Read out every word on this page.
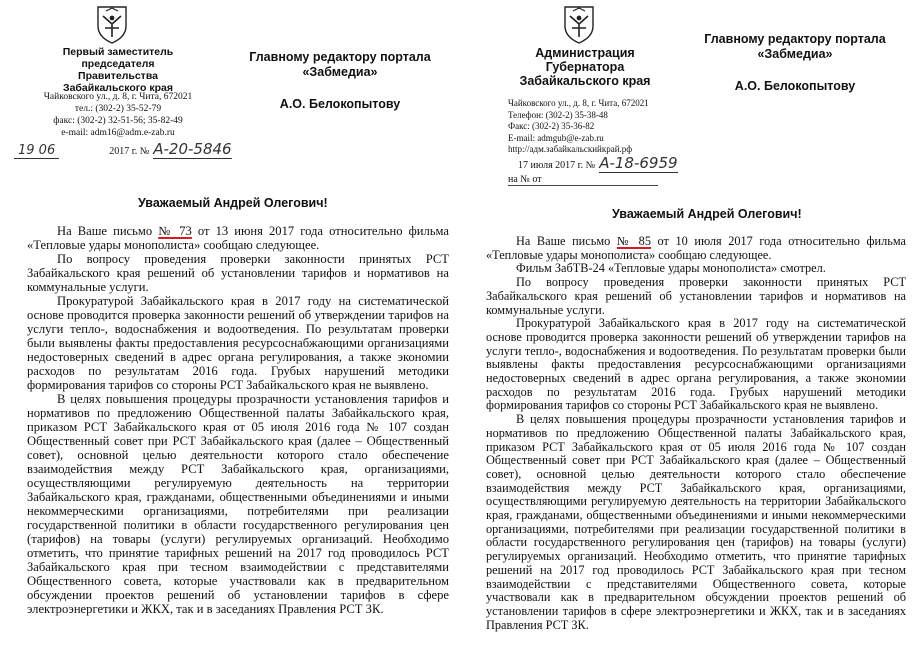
Первый заместитель
председателя Правительства
Забайкальского края
Чайковского ул., д. 8, г. Чита, 672021
тел.: (302-2) 35-52-79
факс: (302-2) 32-51-56; 35-82-49
e-mail: adm16@adm.e-zab.ru
19 06	2017 г. № А-20-5846
Главному редактору портала
«Забмедиа»
А.О. Белокопытову
Уважаемый Андрей Олегович!

На Ваше письмо № 73 от 13 июня 2017 года относительно фильма «Тепловые удары монополиста» сообщаю следующее.

По вопросу проведения проверки законности принятых РСТ Забайкальского края решений об установлении тарифов и нормативов на коммунальные услуги.

Прокуратурой Забайкальского края в 2017 году на систематической основе проводится проверка законности решений об утверждении тарифов на услуги тепло-, водоснабжения и водоотведения. По результатам проверки были выявлены факты предоставления ресурсоснабжающими организациями недостоверных сведений в адрес органа регулирования, а также экономии расходов по результатам 2016 года. Грубых нарушений методики формирования тарифов со стороны РСТ Забайкальского края не выявлено.

В целях повышения процедуры прозрачности установления тарифов и нормативов по предложению Общественной палаты Забайкальского края, приказом РСТ Забайкальского края от 05 июля 2016 года № 107 создан Общественный совет при РСТ Забайкальского края (далее – Общественный совет), основной целью деятельности которого стало обеспечение взаимодействия между РСТ Забайкальского края, организациями, осуществляющими регулируемую деятельность на территории Забайкальского края, гражданами, общественными объединениями и иными некоммерческими организациями, потребителями при реализации государственной политики в области государственного регулирования цен (тарифов) на товары (услуги) регулируемых организаций. Необходимо отметить, что принятие тарифных решений на 2017 год проводилось РСТ Забайкальского края при тесном взаимодействии с представителями Общественного совета, которые участвовали как в предварительном обсуждении проектов решений об установлении тарифов в сфере электроэнергетики и ЖКХ, так и в заседаниях Правления РСТ ЗК.

Администрация
Губернатора
Забайкальского края
Чайковского ул., д. 8, г. Чита, 672021
Телефон: (302-2) 35-38-48
Факс: (302-2) 35-36-82
E-mail: admgub@e-zab.ru
http://адм.забайкальскийкрай.рф
17 июля 2017 г. № А-18-6959
на № от
Главному редактору портала
«Забмедиа»
А.О. Белокопытову
Уважаемый Андрей Олегович!

На Ваше письмо № 85 от 10 июля 2017 года относительно фильма «Тепловые удары монополиста» сообщаю следующее.

Фильм ЗабТВ-24 «Тепловые удары монополиста» смотрел.

По вопросу проведения проверки законности принятых РСТ Забайкальского края решений об установлении тарифов и нормативов на коммунальные услуги.

Прокуратурой Забайкальского края в 2017 году на систематической основе проводится проверка законности решений об утверждении тарифов на услуги тепло-, водоснабжения и водоотведения. По результатам проверки были выявлены факты предоставления ресурсоснабжающими организациями недостоверных сведений в адрес органа регулирования, а также экономии расходов по результатам 2016 года. Грубых нарушений методики формирования тарифов со стороны РСТ Забайкальского края не выявлено.

В целях повышения процедуры прозрачности установления тарифов и нормативов по предложению Общественной палаты Забайкальского края, приказом РСТ Забайкальского края от 05 июля 2016 года № 107 создан Общественный совет при РСТ Забайкальского края (далее – Общественный совет), основной целью деятельности которого стало обеспечение взаимодействия между РСТ Забайкальского края, организациями, осуществляющими регулируемую деятельность на территории Забайкальского края, гражданами, общественными объединениями и иными некоммерческими организациями, потребителями при реализации государственной политики в области государственного регулирования цен (тарифов) на товары (услуги) регулируемых организаций. Необходимо отметить, что принятие тарифных решений на 2017 год проводилось РСТ Забайкальского края при тесном взаимодействии с представителями Общественного совета, которые участвовали как в предварительном обсуждении проектов решений об установлении тарифов в сфере электроэнергетики и ЖКХ, так и в заседаниях Правления РСТ ЗК.
